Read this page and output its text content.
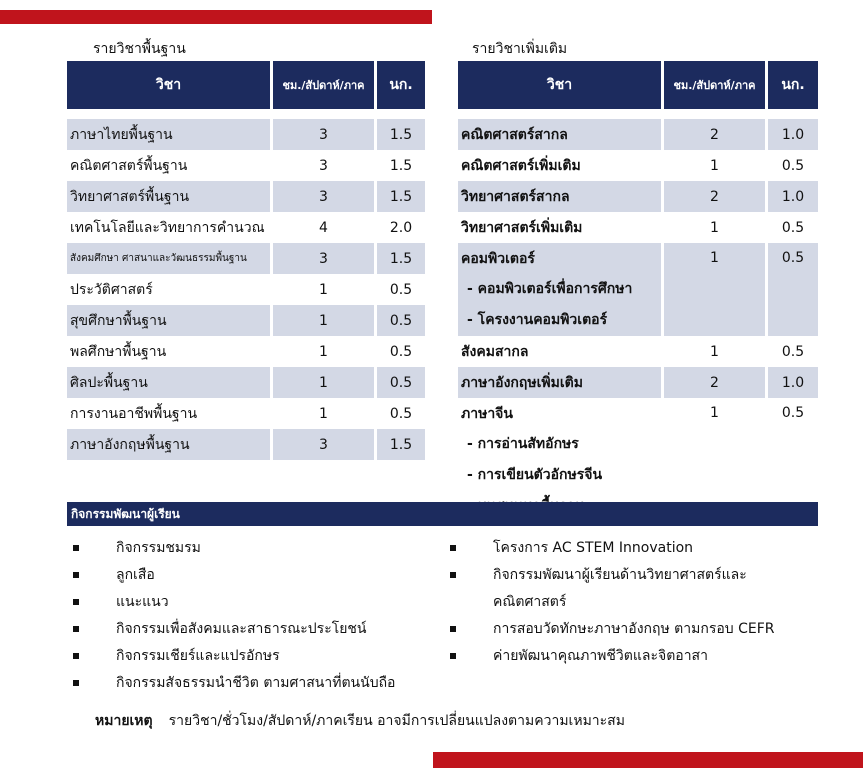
รายวิชาพื้นฐาน	รายวิชาเพิ่มเติม
วิชา	ชม./สัปดาห์/ภาค	นก.

ภาษาไทยพื้นฐาน	3	1.5
คณิตศาสตร์พื้นฐาน	3	1.5
วิทยาศาสตร์พื้นฐาน	3	1.5
เทคโนโลยีและวิทยาการคำนวณ	4	2.0
สังคมศึกษา ศาสนาและวัฒนธรรมพื้นฐาน	3	1.5
ประวัติศาสตร์	1	0.5
สุขศึกษาพื้นฐาน	1	0.5
พลศึกษาพื้นฐาน	1	0.5
ศิลปะพื้นฐาน	1	0.5
การงานอาชีพพื้นฐาน	1	0.5
ภาษาอังกฤษพื้นฐาน	3	1.5
วิชา	ชม./สัปดาห์/ภาค	นก.

คณิตศาสตร์สากล	2	1.0
คณิตศาสตร์เพิ่มเติม	1	0.5
วิทยาศาสตร์สากล	2	1.0
วิทยาศาสตร์เพิ่มเติม	1	0.5

คอมพิวเตอร์
- คอมพิวเตอร์เพื่อการศึกษา
- โครงงานคอมพิวเตอร์	1	0.5
สังคมสากล	1	0.5
ภาษาอังกฤษเพิ่มเติม	2	1.0

ภาษาจีน
- การอ่านสัทอักษร
- การเขียนตัวอักษรจีน	1	0.5
กิจกรรมพัฒนาผู้เรียน
กิจกรรมชมรม
ลูกเสือ
แนะแนว
กิจกรรมเพื่อสังคมและสาธารณะประโยชน์
กิจกรรมเชียร์และแปรอักษร
กิจกรรมสัจธรรมนำชีวิต ตามศาสนาที่ตนนับถือ
โครงการ AC STEM Innovation
กิจกรรมพัฒนาผู้เรียนด้านวิทยาศาสตร์และคณิตศาสตร์
การสอบวัดทักษะภาษาอังกฤษ ตามกรอบ CEFR
ค่ายพัฒนาคุณภาพชีวิตและจิตอาสา
หมายเหตุ รายวิชา/ชั่วโมง/สัปดาห์/ภาคเรียน อาจมีการเปลี่ยนแปลงตามความเหมาะสม
